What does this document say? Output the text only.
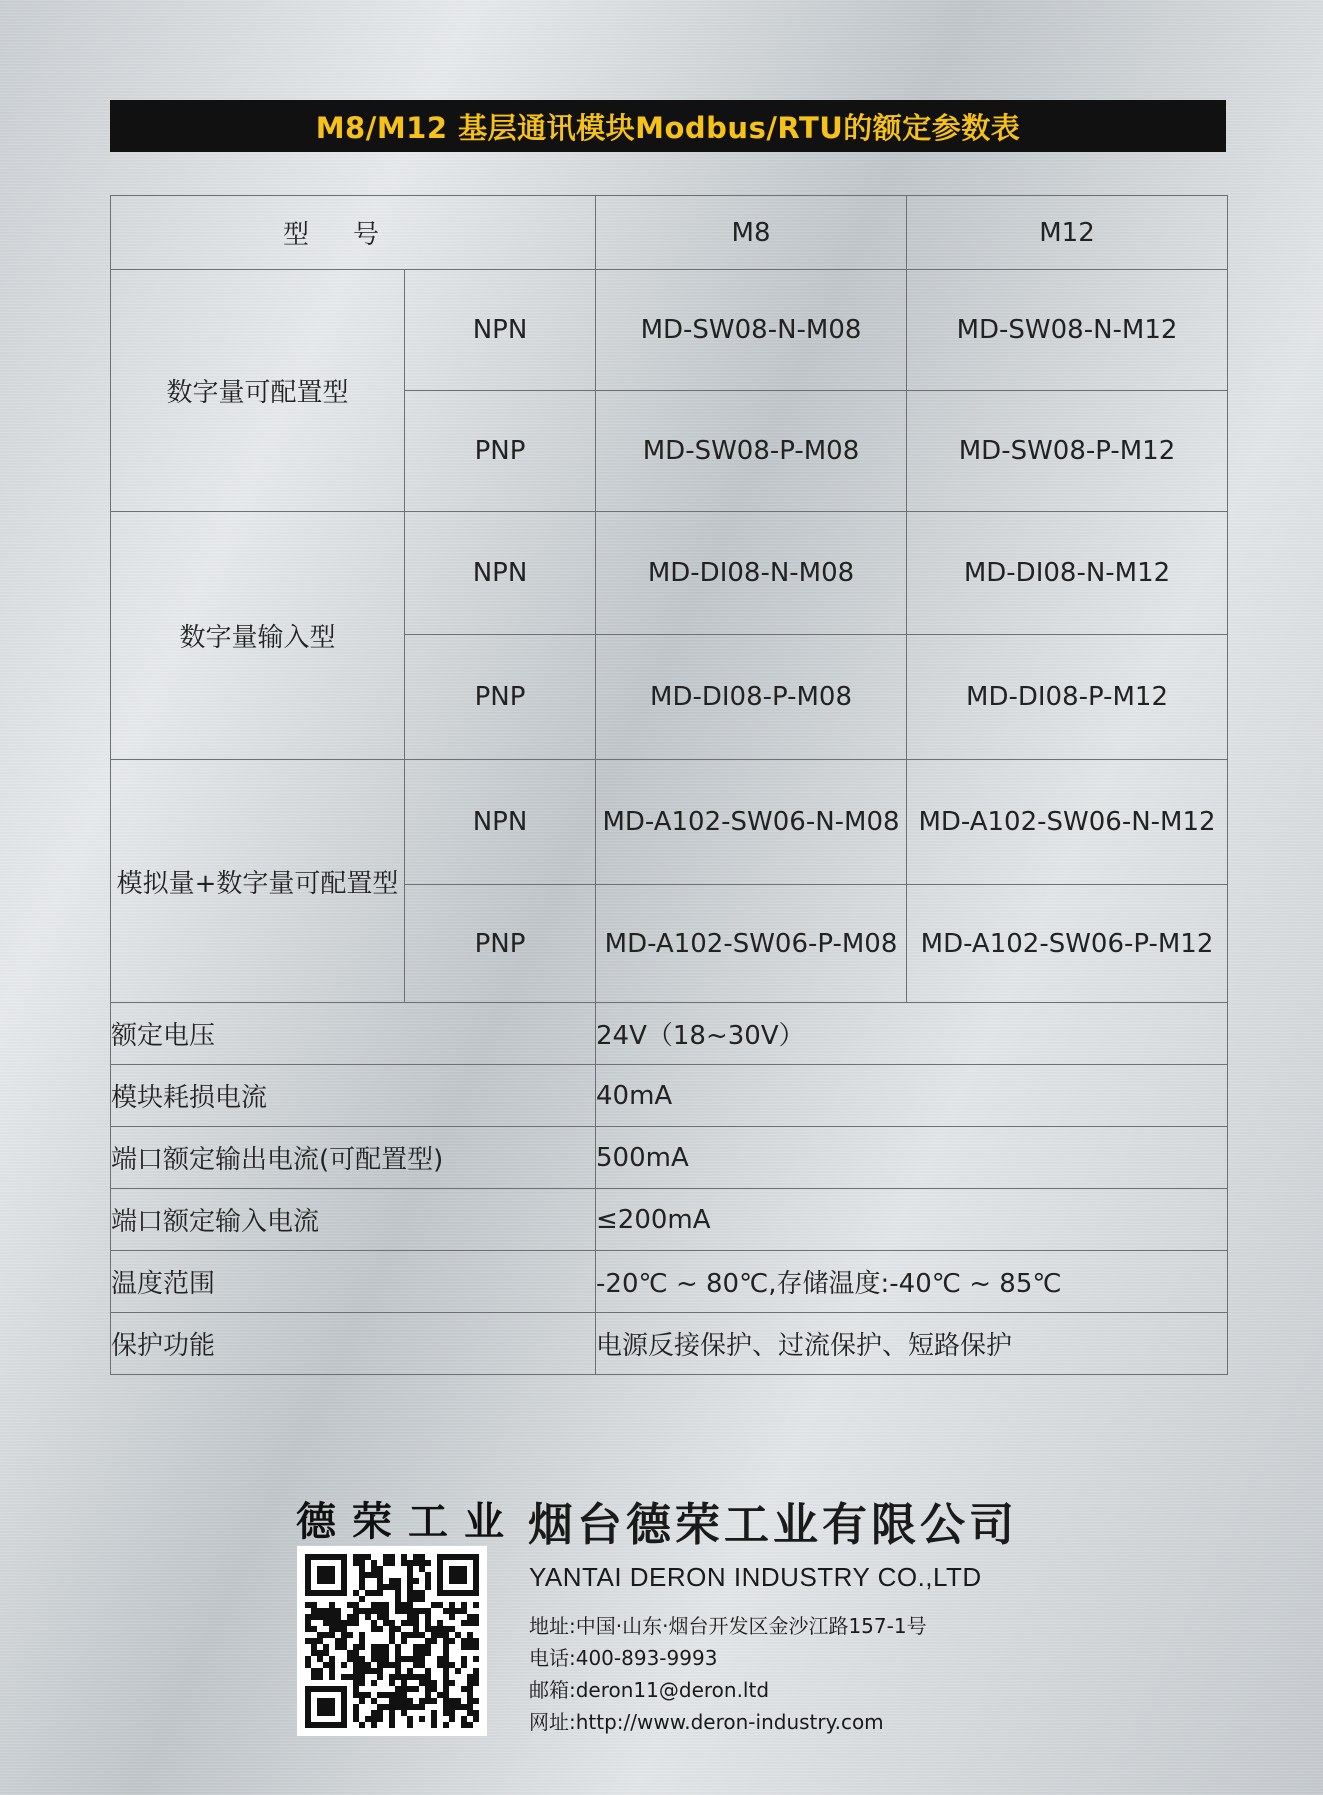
M8/M12 基层通讯模块Modbus/RTU的额定参数表
型号		M8	M12
数字量可配置型	NPN	MD-SW08-N-M08	MD-SW08-N-M12
	PNP	MD-SW08-P-M08	MD-SW08-P-M12
数字量输入型	NPN	MD-DI08-N-M08	MD-DI08-N-M12
	PNP	MD-DI08-P-M08	MD-DI08-P-M12
模拟量+数字量可配置型	NPN	MD-A102-SW06-N-M08	MD-A102-SW06-N-M12
	PNP	MD-A102-SW06-P-M08	MD-A102-SW06-P-M12
额定电压		24V（18~30V）	
模块耗损电流		40mA	
端口额定输出电流(可配置型)		500mA	
端口额定输入电流		≤200mA	
温度范围		-20℃ ~ 80℃,存储温度:-40℃ ~ 85℃	
保护功能		电源反接保护、过流保护、短路保护	
德荣工业 烟台德荣工业有限公司
YANTAI DERON INDUSTRY CO.,LTD
地址:中国·山东·烟台开发区金沙江路157-1号
电话:400-893-9993
邮箱:deron11@deron.ltd
网址:http://www.deron-industry.com
